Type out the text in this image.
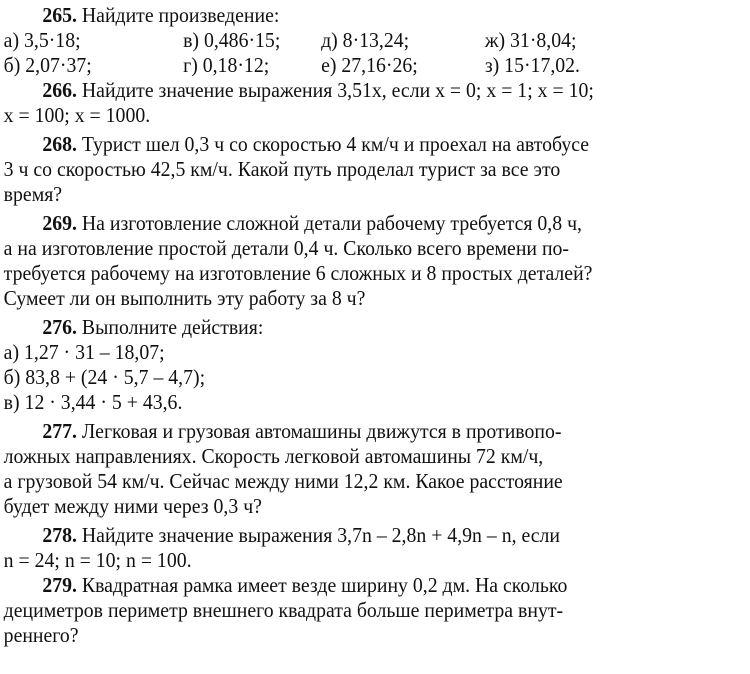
265. Найдите произведение:
а) 3,5·18;	в) 0,486·15;	д) 8·13,24;	ж) 31·8,04;
б) 2,07·37;	г) 0,18·12;	е) 27,16·26;	з) 15·17,02.
266. Найдите значение выражения 3,51x, если x = 0; x = 1; x = 10;
x = 100; x = 1000.
268. Турист шел 0,3 ч со скоростью 4 км/ч и проехал на автобусе
3 ч со скоростью 42,5 км/ч. Какой путь проделал турист за все это
время?
269. На изготовление сложной детали рабочему требуется 0,8 ч,
а на изготовление простой детали 0,4 ч. Сколько всего времени по-
требуется рабочему на изготовление 6 сложных и 8 простых деталей?
Сумеет ли он выполнить эту работу за 8 ч?
276. Выполните действия:
а) 1,27 · 31 – 18,07;
б) 83,8 + (24 · 5,7 – 4,7);
в) 12 · 3,44 · 5 + 43,6.
277. Легковая и грузовая автомашины движутся в противопо-
ложных направлениях. Скорость легковой автомашины 72 км/ч,
а грузовой 54 км/ч. Сейчас между ними 12,2 км. Какое расстояние
будет между ними через 0,3 ч?
278. Найдите значение выражения 3,7n – 2,8n + 4,9n – n, если
n = 24; n = 10; n = 100.
279. Квадратная рамка имеет везде ширину 0,2 дм. На сколько
дециметров периметр внешнего квадрата больше периметра внут-
реннего?
